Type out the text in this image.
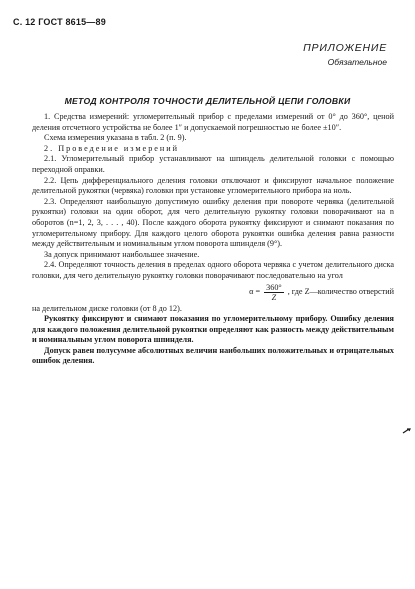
С. 12 ГОСТ 8615—89
ПРИЛОЖЕНИЕ
Обязательное
МЕТОД КОНТРОЛЯ ТОЧНОСТИ ДЕЛИТЕЛЬНОЙ ЦЕПИ ГОЛОВКИ

1. Средства измерений: угломерительный прибор с пределами измерений от 0° до 360°, ценой деления отсчетного устройства не более 1″ и допускаемой погрешностью не более ±10″.

Схема измерения указана в табл. 2 (п. 9).

2. Проведение измерений

2.1. Угломерительный прибор устанавливают на шпиндель делительной головки с помощью переходной оправки.

2.2. Цепь дифференциального деления головки отключают и фиксируют начальное положение делительной рукоятки (червяка) головки при установке угломерительного прибора на ноль.

2.3. Определяют наибольшую допустимую ошибку деления при повороте червяка (делительной рукоятки) головки на один оборот, для чего делительную рукоятку головки поворачивают на n оборотов (n=1, 2, 3, . . . , 40). После каждого оборота рукоятку фиксируют и снимают показания по угломерительному прибору. Для каждого целого оборота рукоятки ошибка деления равна разности между действительным и номинальным углом поворота шпинделя (9°).

За допуск принимают наибольшее значение.

2.4. Определяют точность деления в пределах одного оборота червяка с учетом делительного диска головки, для чего делительную рукоятку головки поворачивают последовательно на угол

$\alpha = \frac{360^\circ}{Z}$ , где Z—количество отверстий

на делительном диске головки (от 8 до 12).

Рукоятку фиксируют и снимают показания по угломерительному прибору. Ошибку деления для каждого положения делительной рукоятки определяют как разность между действительным и номинальным углом поворота шпинделя.

Допуск равен полусумме абсолютных величин наибольших положительных и отрицательных ошибок деления.
